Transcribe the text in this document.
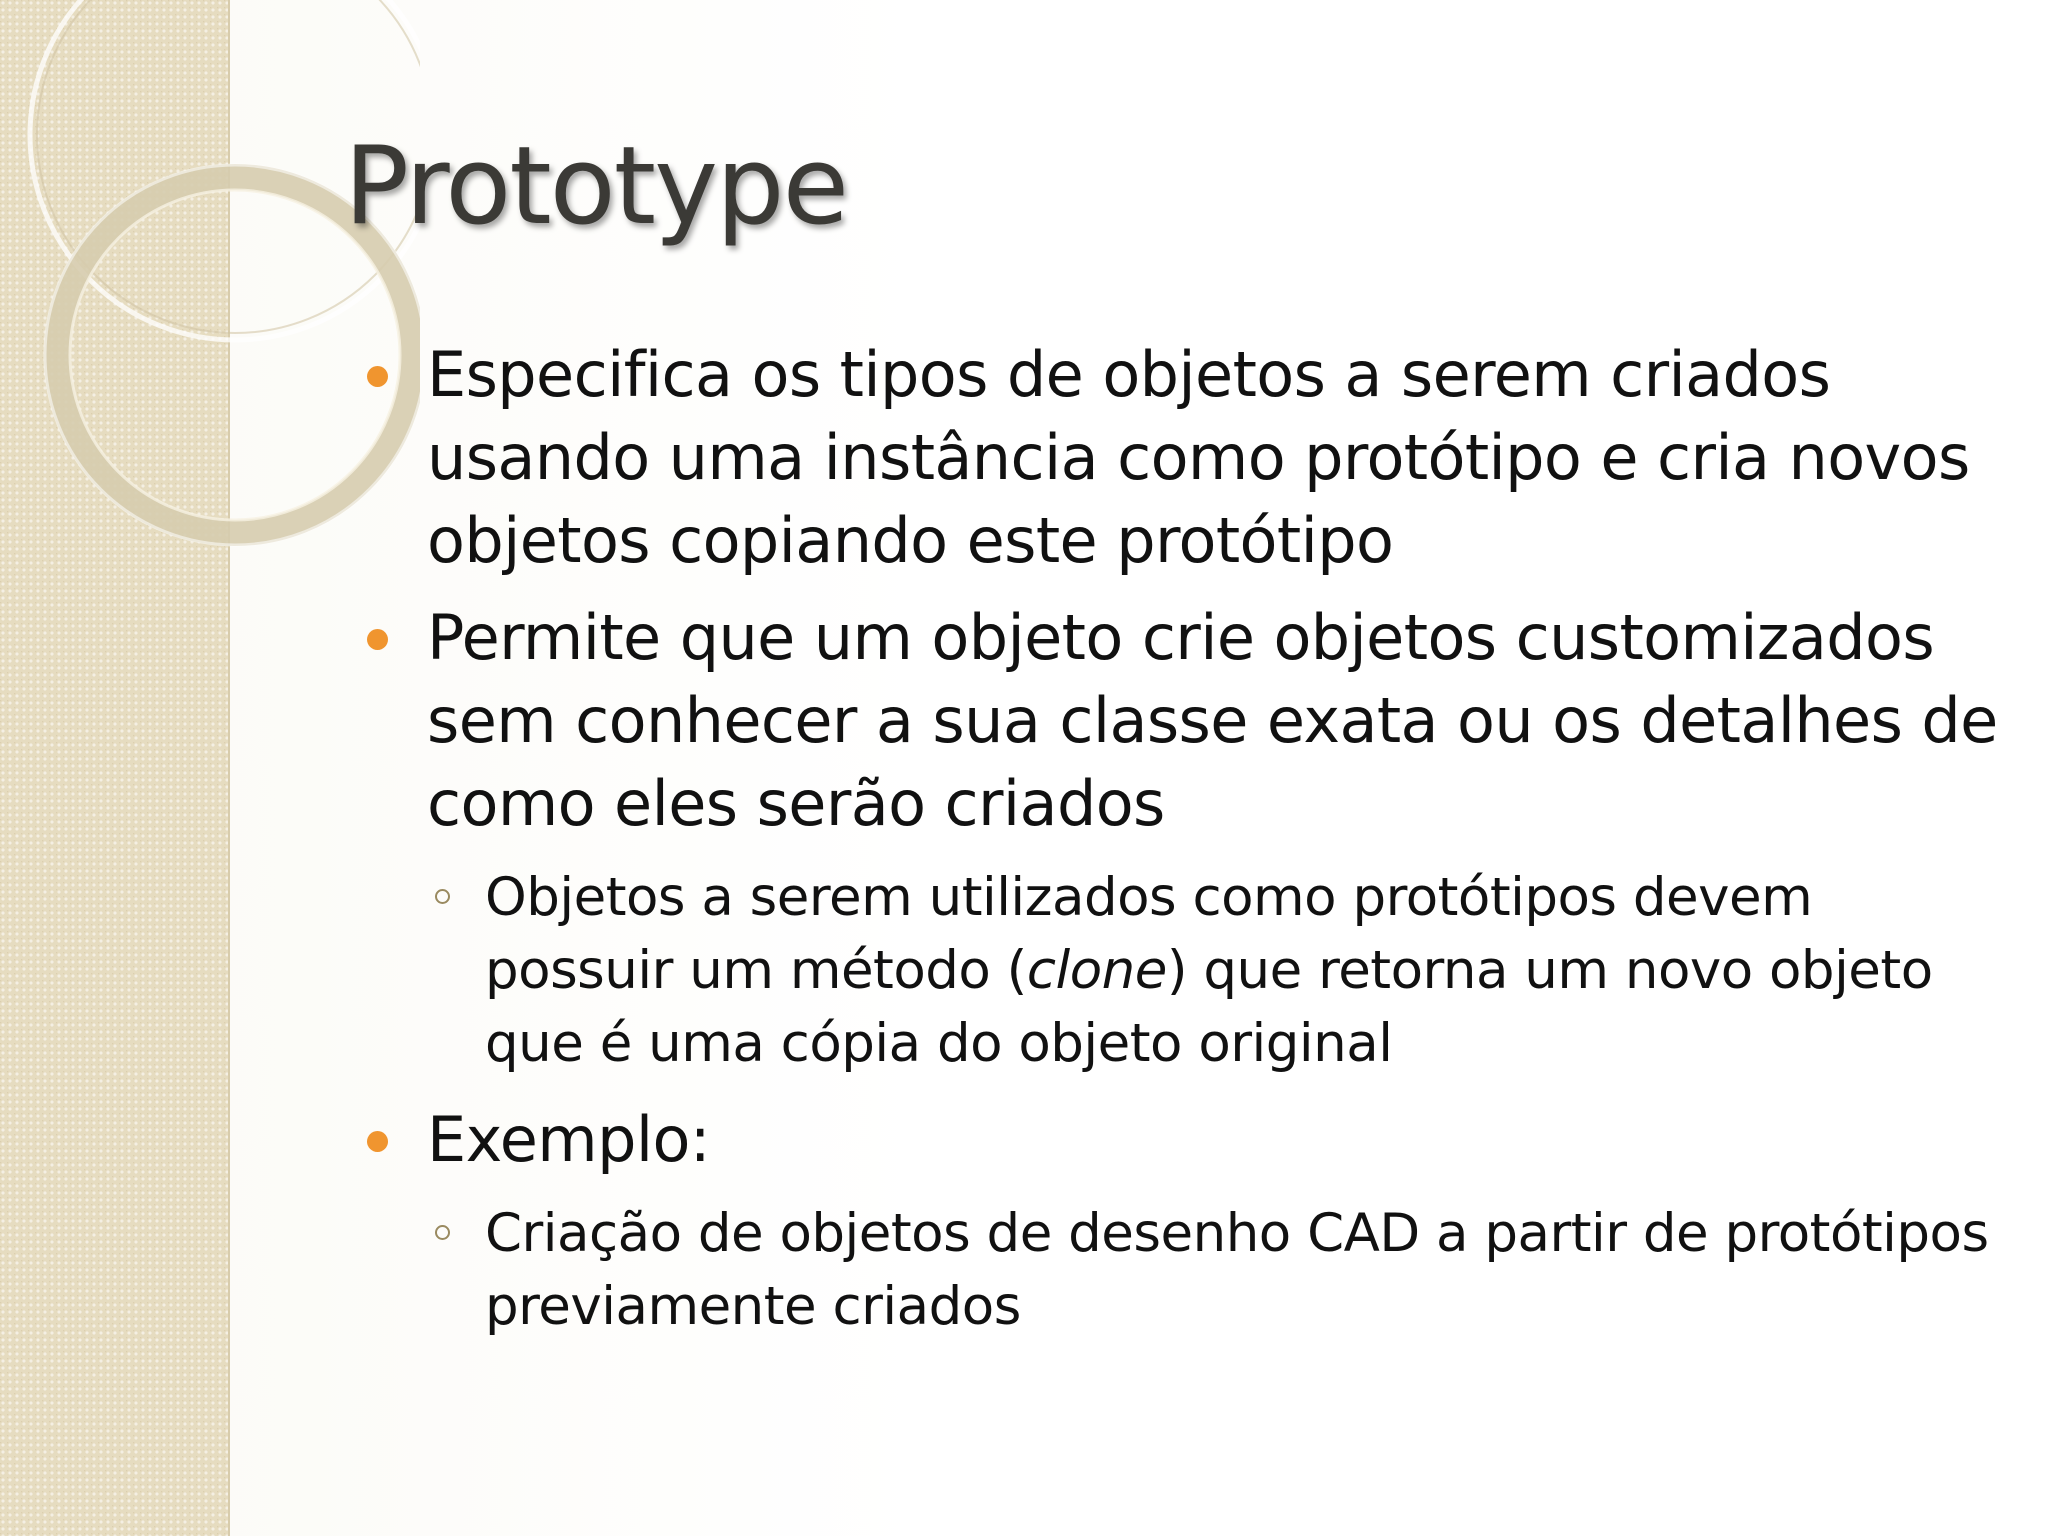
Prototype
Especifica os tipos de objetos a serem criados usando uma instância como protótipo e cria novos objetos copiando este protótipo
Permite que um objeto crie objetos customizados sem conhecer a sua classe exata ou os detalhes de como eles serão criados
Objetos a serem utilizados como protótipos devem possuir um método (clone) que retorna um novo objeto que é uma cópia do objeto original
Exemplo:
Criação de objetos de desenho CAD a partir de protótipos previamente criados
